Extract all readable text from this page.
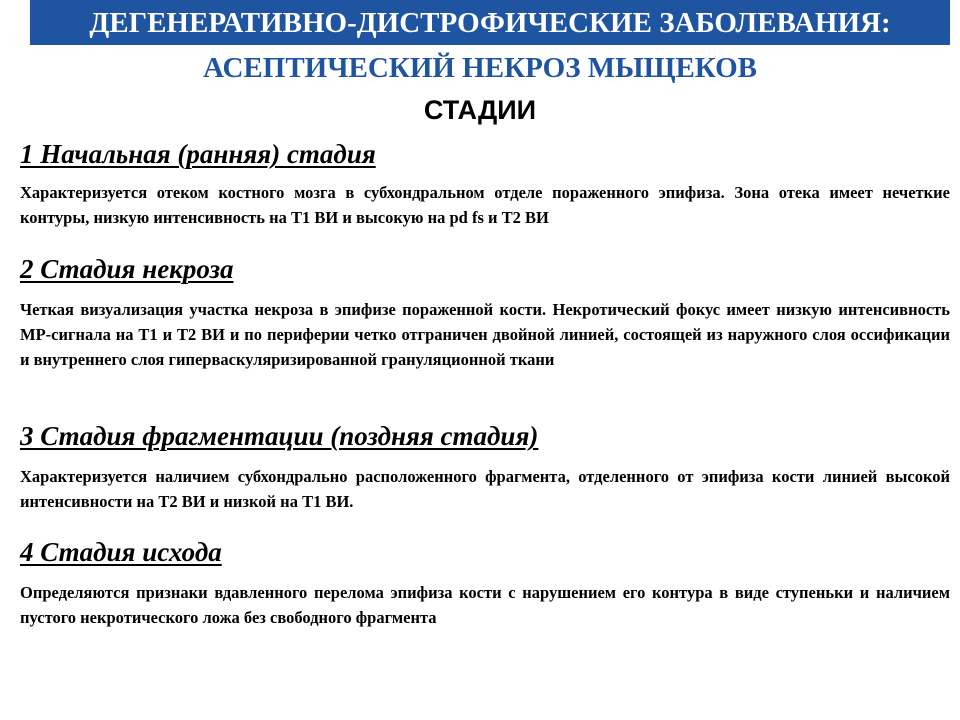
ДЕГЕНЕРАТИВНО-ДИСТРОФИЧЕСКИЕ ЗАБОЛЕВАНИЯ:
АСЕПТИЧЕСКИЙ НЕКРОЗ МЫЩЕКОВ
СТАДИИ
1 Начальная (ранняя) стадия

Характеризуется отеком костного мозга в субхондральном отделе пораженного эпифиза. Зона отека имеет нечеткие контуры, низкую интенсивность на Т1 ВИ и высокую на pd fs и Т2 ВИ

2 Стадия некроза

Четкая визуализация участка некроза в эпифизе пораженной кости. Некротический фокус имеет низкую интенсивность МР-сигнала на Т1 и Т2 ВИ и по периферии четко отграничен двойной линией, состоящей из наружного слоя оссификации и внутреннего слоя гиперваскуляризированной грануляционной ткани

3 Стадия фрагментации (поздняя стадия)

Характеризуется наличием субхондрально расположенного фрагмента, отделенного от эпифиза кости линией высокой интенсивности на Т2 ВИ и низкой на Т1 ВИ.

4 Стадия исхода

Определяются признаки вдавленного перелома эпифиза кости с нарушением его контура в виде ступеньки и наличием пустого некротического ложа без свободного фрагмента
